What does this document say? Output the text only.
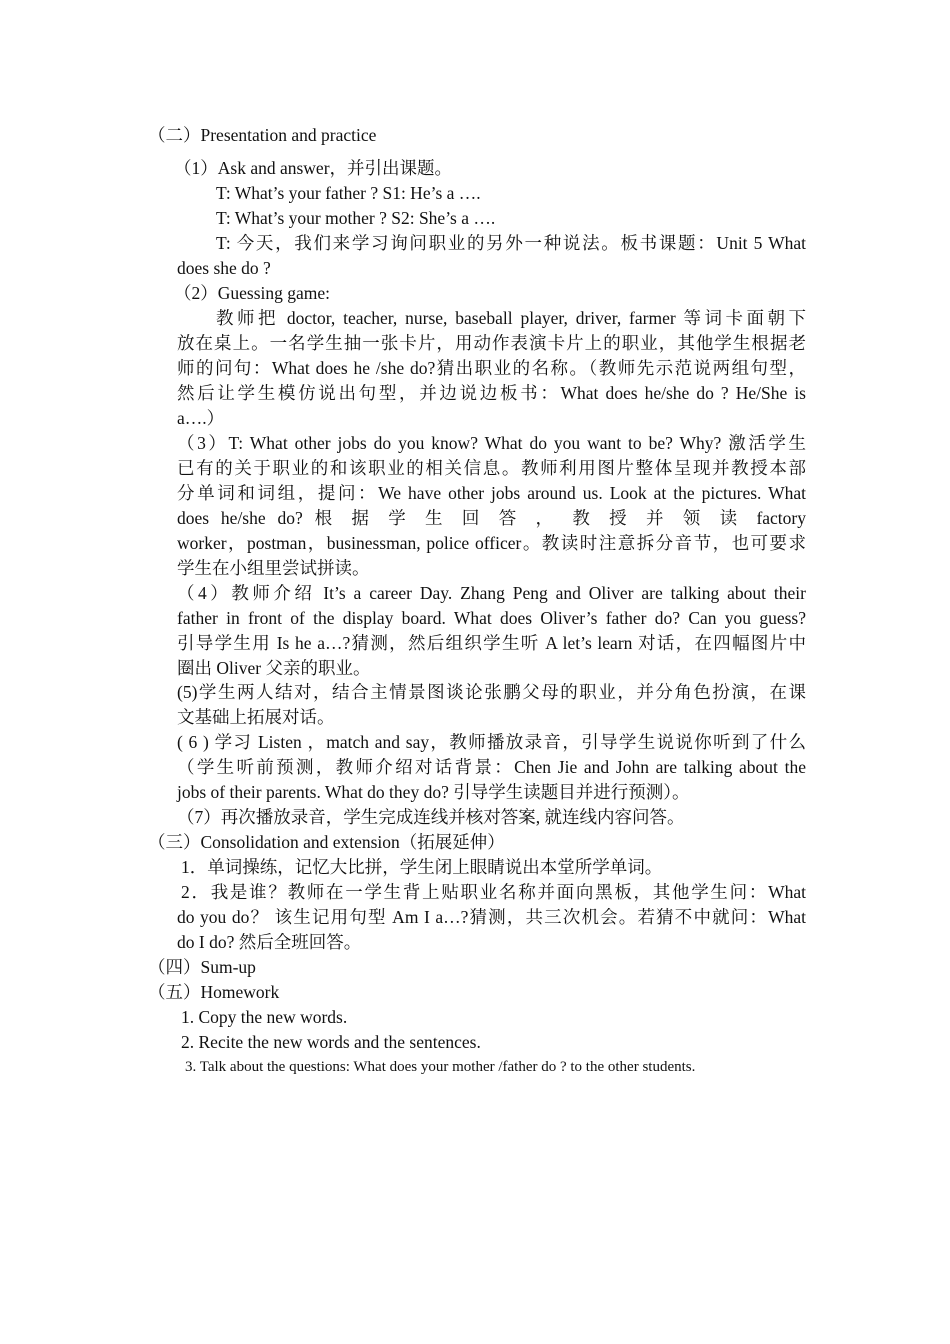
（二）Presentation and practice
（1）Ask and answer，并引出课题。
T: What’s your father ? S1: He’s a ….
T: What’s your mother ? S2: She’s a ….
T: 今天，我们来学习询问职业的另外一种说法。板书课题：Unit 5 What
does she do ?
（2）Guessing game:
教师把 doctor, teacher, nurse, baseball player, driver, farmer 等词卡面朝下
放在桌上。一名学生抽一张卡片，用动作表演卡片上的职业，其他学生根据老
师的问句：What does he /she do?猜出职业的名称。（教师先示范说两组句型，
然后让学生模仿说出句型，并边说边板书：What does he/she do ? He/She is
a….）
（3）T: What other jobs do you know? What do you want to be? Why? 激活学生
已有的关于职业的和该职业的相关信息。教师利用图片整体呈现并教授本部
分单词和词组，提问：We have other jobs around us. Look at the pictures. What
does he/she do? 根 据 学 生 回 答 ， 教 授 并 领 读 factory
worker，postman，businessman, police officer。教读时注意拆分音节，也可要求
学生在小组里尝试拼读。
（4）教师介绍 It’s a career Day. Zhang Peng and Oliver are talking about their
father in front of the display board. What does Oliver’s father do? Can you guess?
引导学生用 Is he a…?猜测，然后组织学生听 A let’s learn 对话，在四幅图片中
圈出 Oliver 父亲的职业。
(5)学生两人结对，结合主情景图谈论张鹏父母的职业，并分角色扮演，在课
文基础上拓展对话。
( 6 ) 学习 Listen ，match and say，教师播放录音，引导学生说说你听到了什么
（学生听前预测，教师介绍对话背景：Chen Jie and John are talking about the
jobs of their parents. What do they do? 引导学生读题目并进行预测）。
（7）再次播放录音，学生完成连线并核对答案, 就连线内容问答。
（三）Consolidation and extension（拓展延伸）
1．单词操练，记忆大比拼，学生闭上眼睛说出本堂所学单词。
2．我是谁？教师在一学生背上贴职业名称并面向黑板，其他学生问：What
do you do？ 该生记用句型 Am I a…?猜测，共三次机会。若猜不中就问：What
do I do? 然后全班回答。
（四）Sum-up
（五）Homework
1. Copy the new words.
2. Recite the new words and the sentences.
3. Talk about the questions: What does your mother /father do ? to the other students.
